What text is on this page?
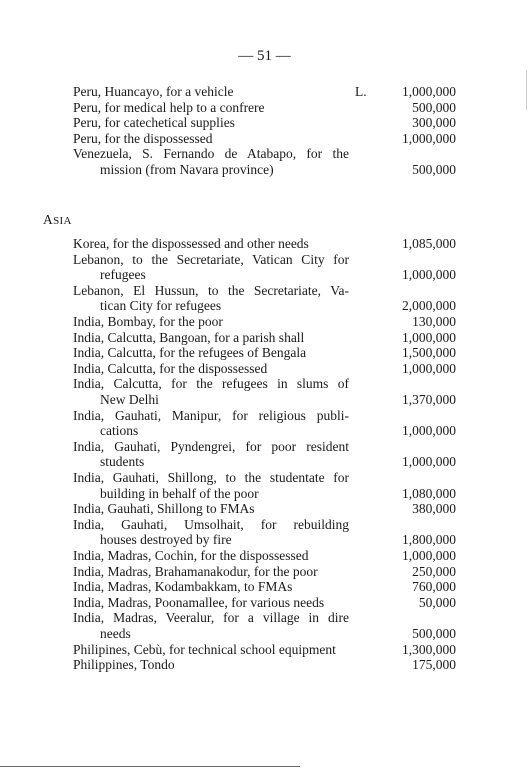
— 51 —
Peru, Huancayo, for a vehicle	L.	1,000,000
Peru, for medical help to a confrere	500,000
Peru, for catechetical supplies	300,000
Peru, for the dispossessed	1,000,000
Venezuela, S. Fernando de Atabapo, for the
mission (from Navara province)	500,000
ASIA
Korea, for the dispossessed and other needs	1,085,000
Lebanon, to the Secretariate, Vatican City for
refugees	1,000,000
Lebanon, El Hussun, to the Secretariate, Va-
tican City for refugees	2,000,000
India, Bombay, for the poor	130,000
India, Calcutta, Bangoan, for a parish shall	1,000,000
India, Calcutta, for the refugees of Bengala	1,500,000
India, Calcutta, for the dispossessed	1,000,000
India, Calcutta, for the refugees in slums of
New Delhi	1,370,000
India, Gauhati, Manipur, for religious publi-
cations	1,000,000
India, Gauhati, Pyndengrei, for poor resident
students	1,000,000
India, Gauhati, Shillong, to the studentate for
building in behalf of the poor	1,080,000
India, Gauhati, Shillong to FMAs	380,000
India, Gauhati, Umsolhait, for rebuilding
houses destroyed by fire	1,800,000
India, Madras, Cochin, for the dispossessed	1,000,000
India, Madras, Brahamanakodur, for the poor	250,000
India, Madras, Kodambakkam, to FMAs	760,000
India, Madras, Poonamallee, for various needs	50,000
India, Madras, Veeralur, for a village in dire
needs	500,000
Philipines, Cebù, for technical school equipment	1,300,000
Philippines, Tondo	175,000
